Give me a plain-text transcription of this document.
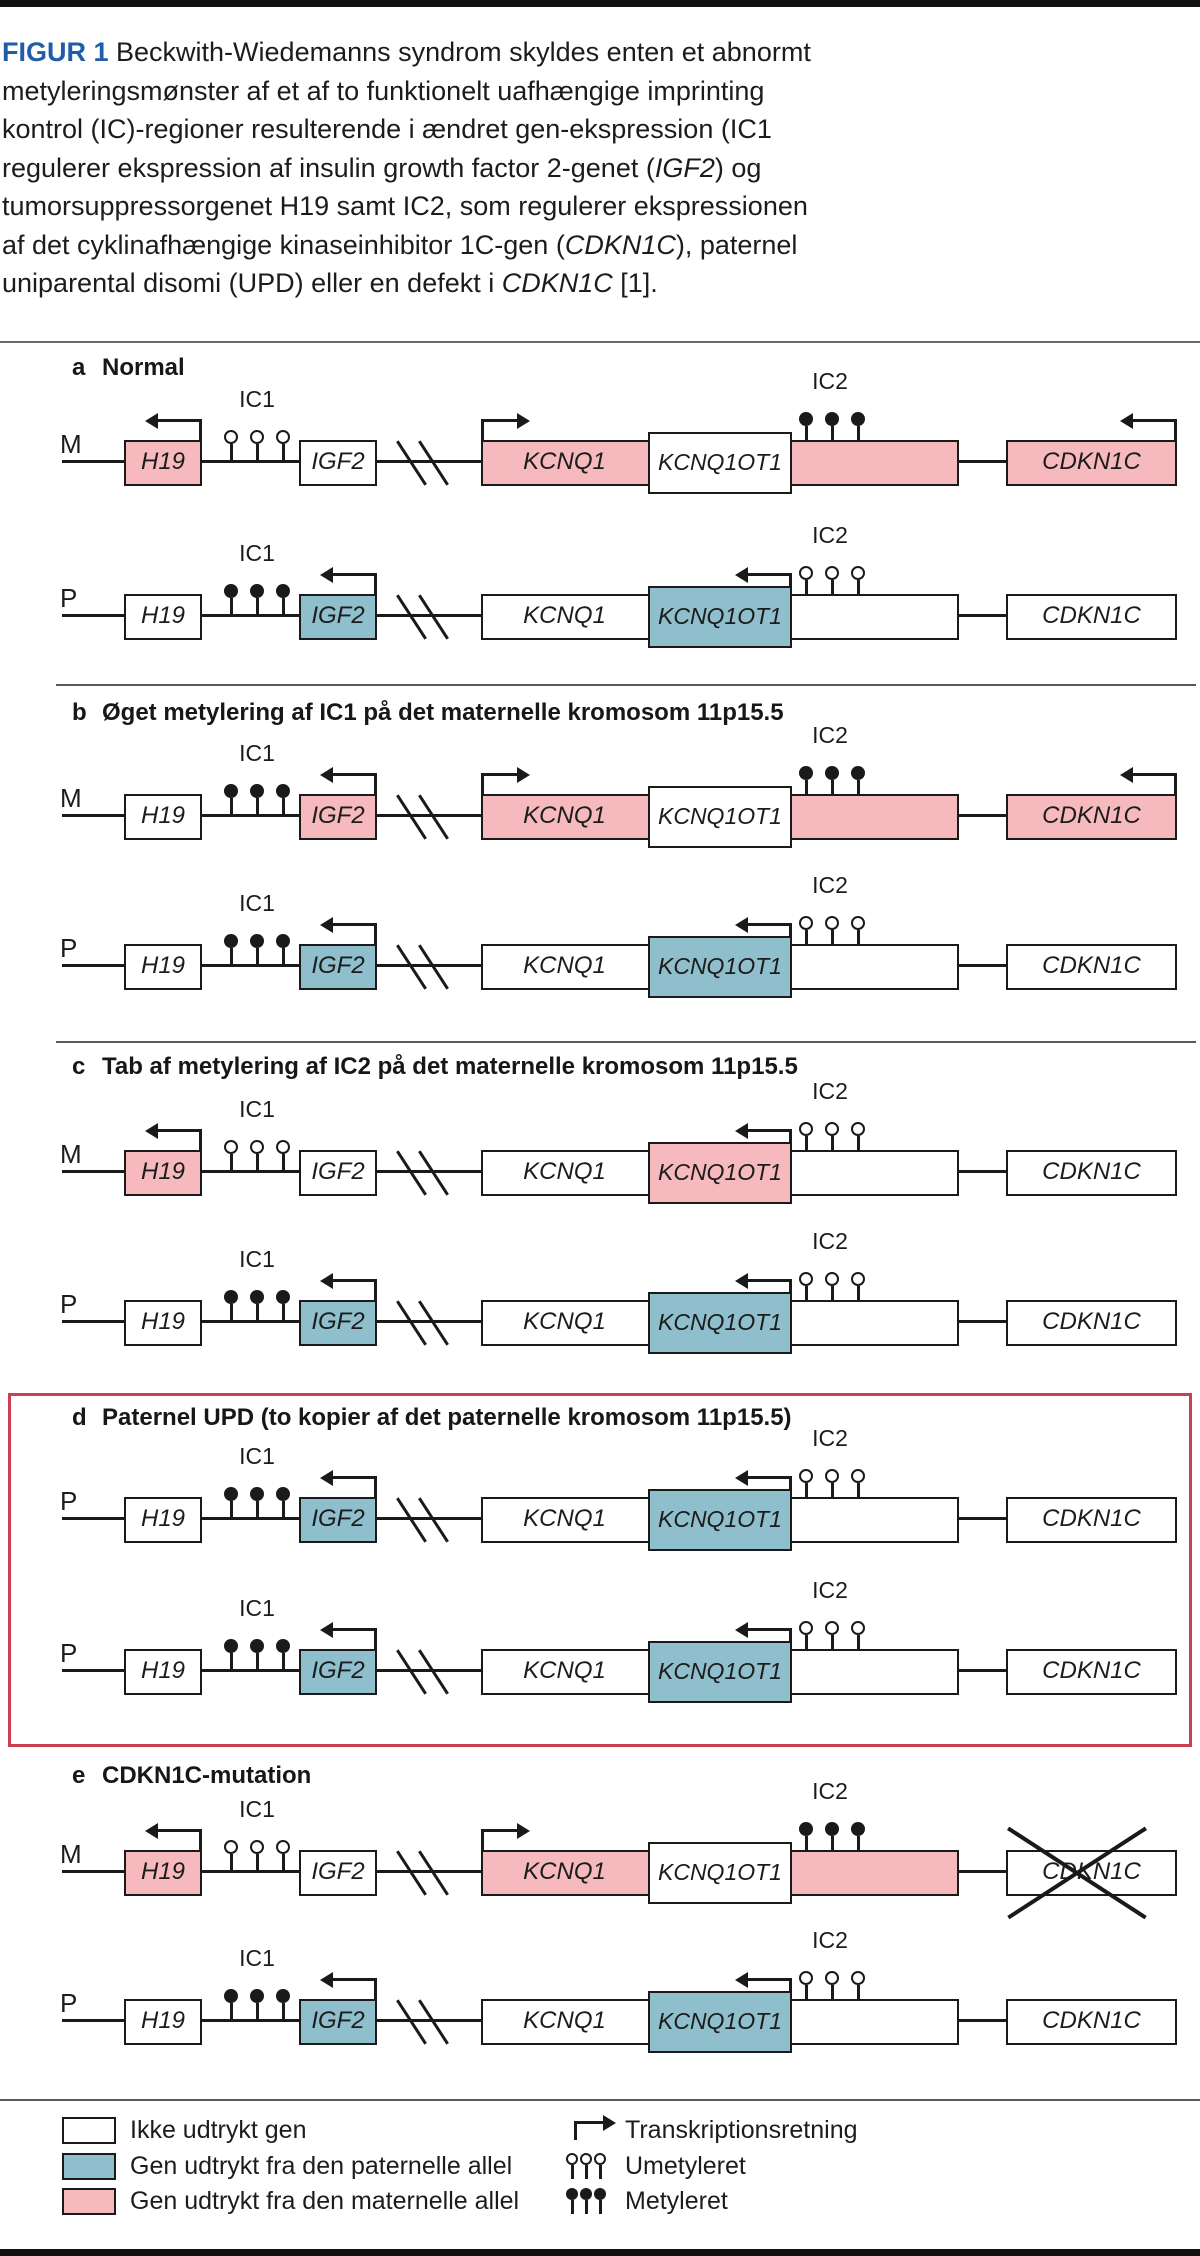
FIGUR 1 Beckwith-Wiedemanns syndrom skyldes enten et abnormt metyleringsmønster af et af to funktionelt uafhængige imprinting kontrol (IC)-regioner resulterende i ændret gen-ekspression (IC1 regulerer ekspression af insulin growth factor 2-genet (IGF2) og tumorsuppressorgenet H19 samt IC2, som regulerer ekspressionen af det cyklinafhængige kinaseinhibitor 1C-gen (CDKN1C), paternel uniparental disomi (UPD) eller en defekt i CDKN1C [1].
a Normal
b Øget metylering af IC1 på det maternelle kromosom 11p15.5
c Tab af metylering af IC2 på det maternelle kromosom 11p15.5
d Paternel UPD (to kopier af det paternelle kromosom 11p15.5)
e CDKN1C-mutation
M
H19
IC1
IGF2	KCNQ1	KCNQ1OT1
IC2
CDKN1C
P
H19
IC1
IGF2	KCNQ1	KCNQ1OT1
IC2
CDKN1C
M
H19
IC1
IGF2	KCNQ1	KCNQ1OT1
IC2
CDKN1C
P
H19
IC1
IGF2	KCNQ1	KCNQ1OT1
IC2
CDKN1C
M
H19
IC1
IGF2	KCNQ1	KCNQ1OT1
IC2
CDKN1C
P
H19
IC1
IGF2	KCNQ1	KCNQ1OT1
IC2
CDKN1C
P
H19
IC1
IGF2	KCNQ1	KCNQ1OT1
IC2
CDKN1C
P
H19
IC1
IGF2	KCNQ1	KCNQ1OT1
IC2
CDKN1C
M
H19
IC1
IGF2	KCNQ1	KCNQ1OT1
IC2
CDKN1C
P
H19
IC1
IGF2	KCNQ1	KCNQ1OT1
IC2
CDKN1C
Ikke udtrykt gen
Gen udtrykt fra den paternelle allel
Gen udtrykt fra den maternelle allel
Transkriptionsretning
Umetyleret
Metyleret
